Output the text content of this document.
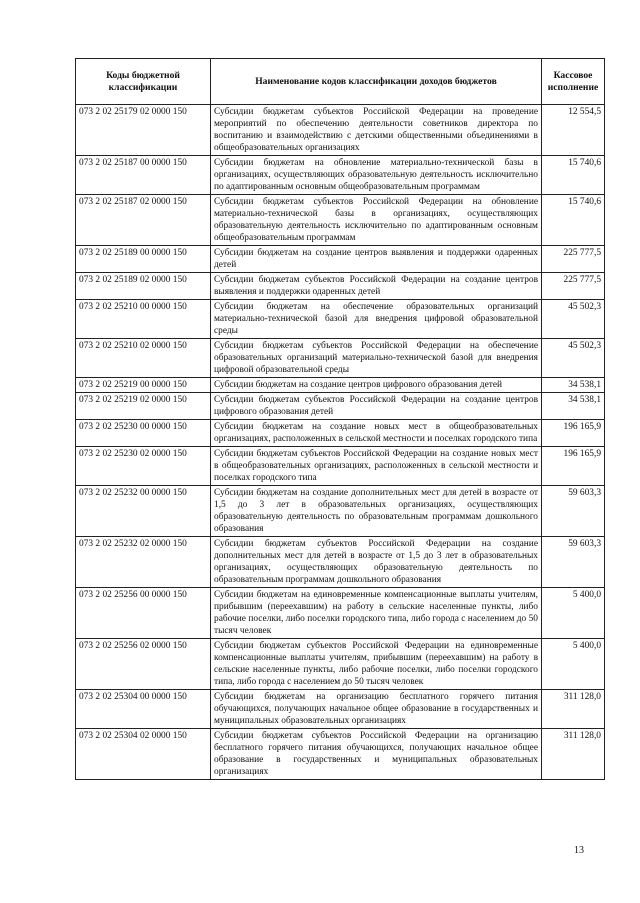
Коды бюджетной классификации	Наименование кодов классификации доходов бюджетов	Кассовое исполнение
073 2 02 25179 02 0000 150	Субсидии бюджетам субъектов Российской Федерации на проведение мероприятий по обеспечению деятельности советников директора по воспитанию и взаимодействию с детскими общественными объединениями в общеобразовательных организациях	12 554,5
073 2 02 25187 00 0000 150	Субсидии бюджетам на обновление материально-технической базы в организациях, осуществляющих образовательную деятельность исключительно по адаптированным основным общеобразовательным программам	15 740,6
073 2 02 25187 02 0000 150	Субсидии бюджетам субъектов Российской Федерации на обновление материально-технической базы в организациях, осуществляющих образовательную деятельность исключительно по адаптированным основным общеобразовательным программам	15 740,6
073 2 02 25189 00 0000 150	Субсидии бюджетам на создание центров выявления и поддержки одаренных детей	225 777,5
073 2 02 25189 02 0000 150	Субсидии бюджетам субъектов Российской Федерации на создание центров выявления и поддержки одаренных детей	225 777,5
073 2 02 25210 00 0000 150	Субсидии бюджетам на обеспечение образовательных организаций материально-технической базой для внедрения цифровой образовательной среды	45 502,3
073 2 02 25210 02 0000 150	Субсидии бюджетам субъектов Российской Федерации на обеспечение образовательных организаций материально-технической базой для внедрения цифровой образовательной среды	45 502,3
073 2 02 25219 00 0000 150	Субсидии бюджетам на создание центров цифрового образования детей	34 538,1
073 2 02 25219 02 0000 150	Субсидии бюджетам субъектов Российской Федерации на создание центров цифрового образования детей	34 538,1
073 2 02 25230 00 0000 150	Субсидии бюджетам на создание новых мест в общеобразовательных организациях, расположенных в сельской местности и поселках городского типа	196 165,9
073 2 02 25230 02 0000 150	Субсидии бюджетам субъектов Российской Федерации на создание новых мест в общеобразовательных организациях, расположенных в сельской местности и поселках городского типа	196 165,9
073 2 02 25232 00 0000 150	Субсидии бюджетам на создание дополнительных мест для детей в возрасте от 1,5 до 3 лет в образовательных организациях, осуществляющих образовательную деятельность по образовательным программам дошкольного образования	59 603,3
073 2 02 25232 02 0000 150	Субсидии бюджетам субъектов Российской Федерации на создание дополнительных мест для детей в возрасте от 1,5 до 3 лет в образовательных организациях, осуществляющих образовательную деятельность по образовательным программам дошкольного образования	59 603,3
073 2 02 25256 00 0000 150	Субсидии бюджетам на единовременные компенсационные выплаты учителям, прибывшим (переехавшим) на работу в сельские населенные пункты, либо рабочие поселки, либо поселки городского типа, либо города с населением до 50 тысяч человек	5 400,0
073 2 02 25256 02 0000 150	Субсидии бюджетам субъектов Российской Федерации на единовременные компенсационные выплаты учителям, прибывшим (переехавшим) на работу в сельские населенные пункты, либо рабочие поселки, либо поселки городского типа, либо города с населением до 50 тысяч человек	5 400,0
073 2 02 25304 00 0000 150	Субсидии бюджетам на организацию бесплатного горячего питания обучающихся, получающих начальное общее образование в государственных и муниципальных образовательных организациях	311 128,0
073 2 02 25304 02 0000 150	Субсидии бюджетам субъектов Российской Федерации на организацию бесплатного горячего питания обучающихся, получающих начальное общее образование в государственных и муниципальных образовательных организациях	311 128,0
13
